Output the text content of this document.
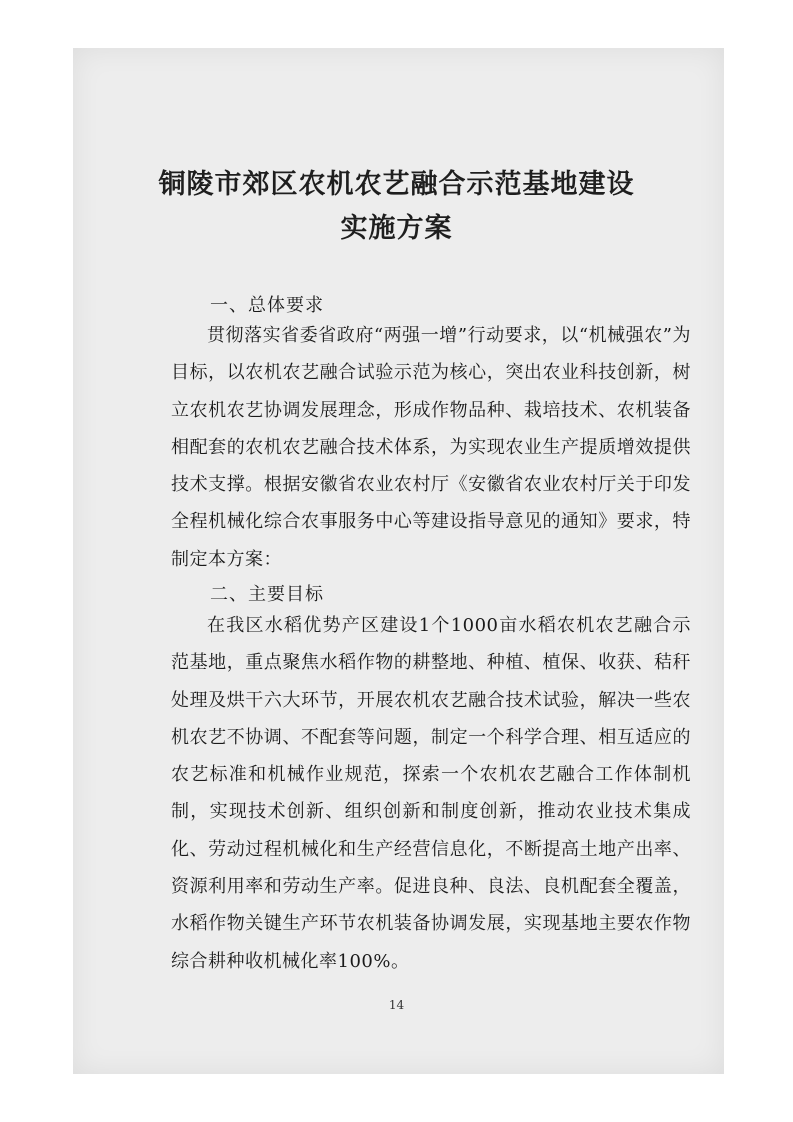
铜陵市郊区农机农艺融合示范基地建设
实施方案
一、总体要求
贯彻落实省委省政府“两强一增”行动要求，以“机械强农”为目标，以农机农艺融合试验示范为核心，突出农业科技创新，树立农机农艺协调发展理念，形成作物品种、栽培技术、农机装备相配套的农机农艺融合技术体系，为实现农业生产提质增效提供技术支撑。根据安徽省农业农村厅《安徽省农业农村厅关于印发全程机械化综合农事服务中心等建设指导意见的通知》要求，特制定本方案：
二、主要目标
在我区水稻优势产区建设1个1000亩水稻农机农艺融合示范基地，重点聚焦水稻作物的耕整地、种植、植保、收获、秸秆处理及烘干六大环节，开展农机农艺融合技术试验，解决一些农机农艺不协调、不配套等问题，制定一个科学合理、相互适应的农艺标准和机械作业规范，探索一个农机农艺融合工作体制机制，实现技术创新、组织创新和制度创新，推动农业技术集成化、劳动过程机械化和生产经营信息化，不断提高土地产出率、资源利用率和劳动生产率。促进良种、良法、良机配套全覆盖，水稻作物关键生产环节农机装备协调发展，实现基地主要农作物综合耕种收机械化率100%。
14
